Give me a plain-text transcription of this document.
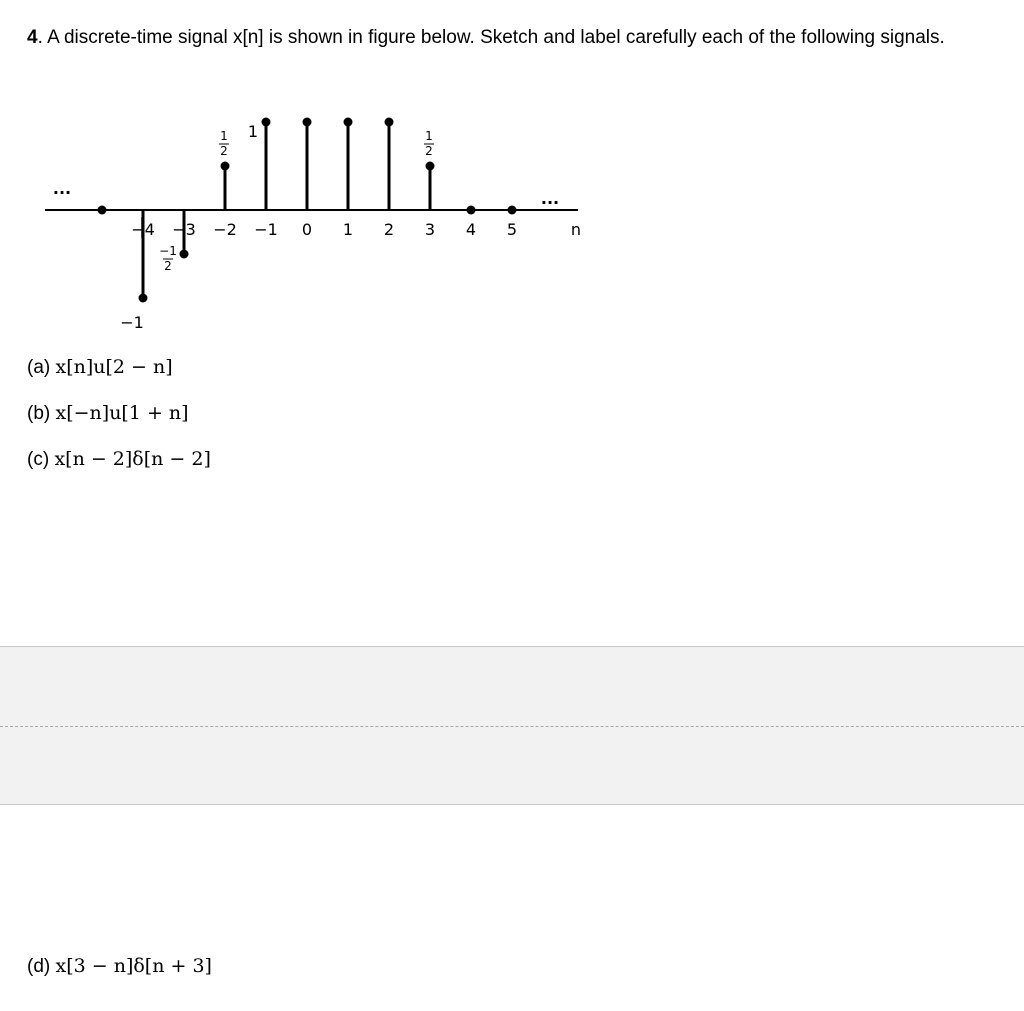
4. A discrete-time signal x[n] is shown in figure below. Sketch and label carefully each of the following signals.
−4 −3 −2 −1 0 1 2 3 4 5	n
1
2
1
2
−1
2
1
−1
...
...
(a) x[n]u[2 − n]
(b) x[−n]u[1 + n]
(c) x[n − 2]δ[n − 2]
(d) x[3 − n]δ[n + 3]
